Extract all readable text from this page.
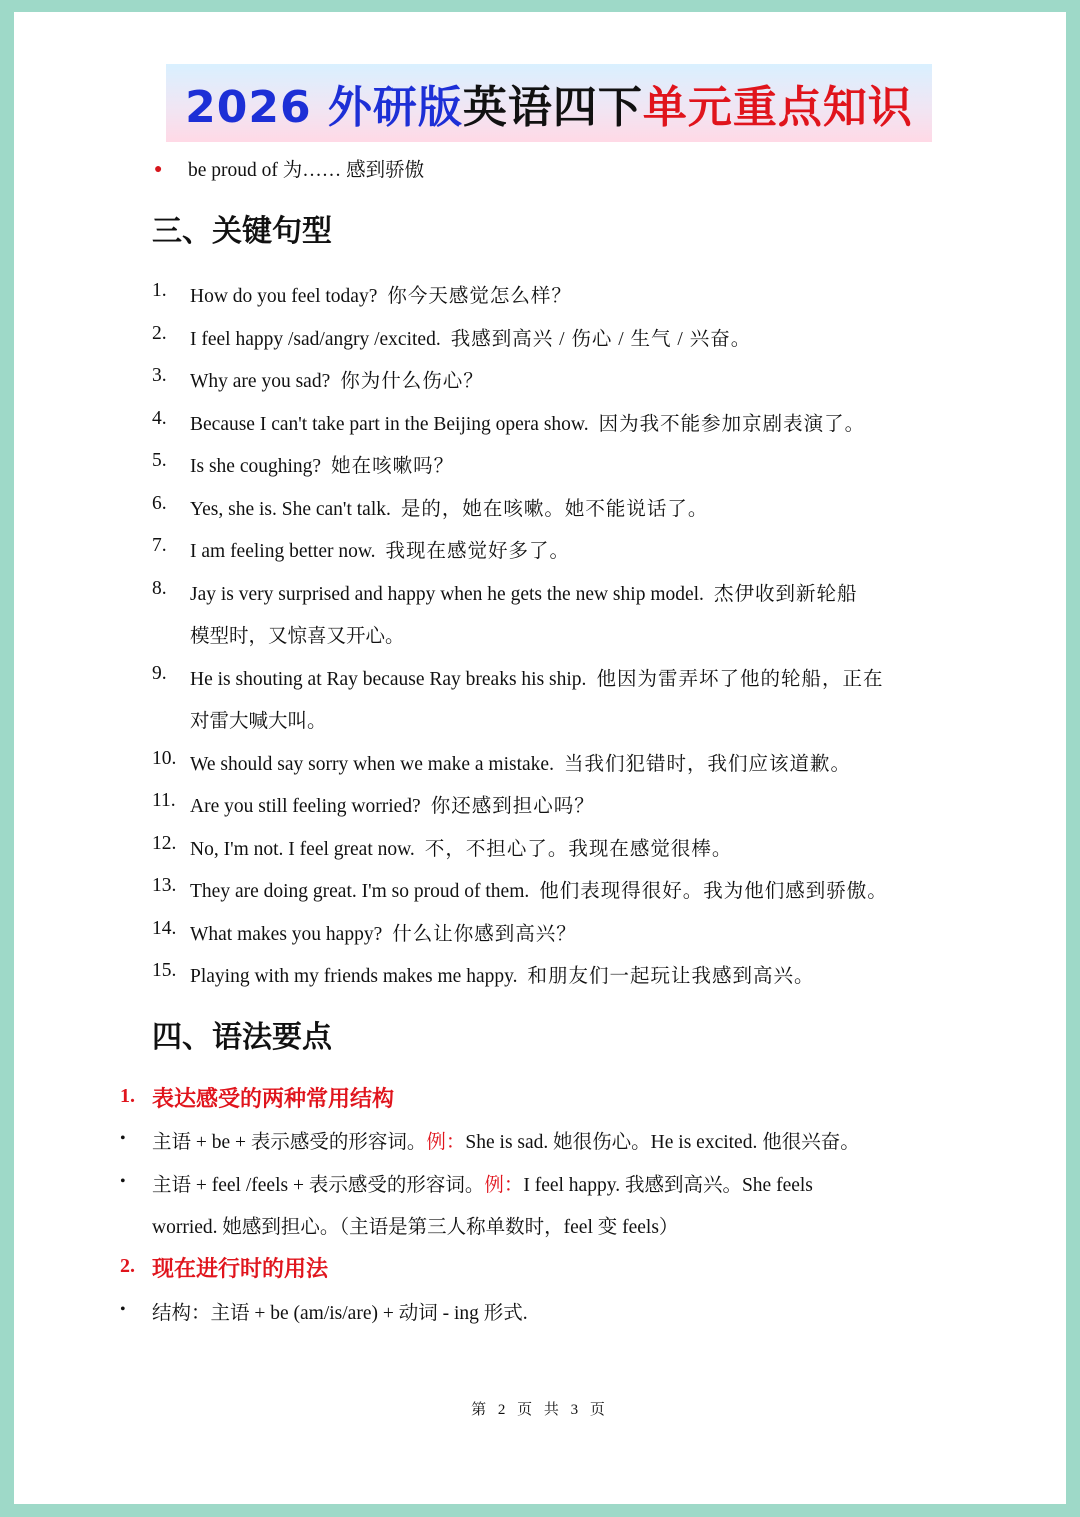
2026 外研版英语四下单元重点知识
● be proud of 为…… 感到骄傲
三、关键句型
1. How do you feel today? 你今天感觉怎么样？
2. I feel happy /sad/angry /excited. 我感到高兴 / 伤心 / 生气 / 兴奋。
3. Why are you sad? 你为什么伤心？
4. Because I can't take part in the Beijing opera show. 因为我不能参加京剧表演了。
5. Is she coughing? 她在咳嗽吗？
6. Yes, she is. She can't talk. 是的，她在咳嗽。她不能说话了。
7. I am feeling better now. 我现在感觉好多了。
8. Jay is very surprised and happy when he gets the new ship model. 杰伊收到新轮船
模型时，又惊喜又开心。
9. He is shouting at Ray because Ray breaks his ship. 他因为雷弄坏了他的轮船，正在
对雷大喊大叫。
10. We should say sorry when we make a mistake. 当我们犯错时，我们应该道歉。
11. Are you still feeling worried? 你还感到担心吗？
12. No, I'm not. I feel great now. 不，不担心了。我现在感觉很棒。
13. They are doing great. I'm so proud of them. 他们表现得很好。我为他们感到骄傲。
14. What makes you happy? 什么让你感到高兴？
15. Playing with my friends makes me happy. 和朋友们一起玩让我感到高兴。
四、语法要点
1. 表达感受的两种常用结构
• 主语 + be + 表示感受的形容词。例：She is sad. 她很伤心。He is excited. 他很兴奋。
• 主语 + feel /feels + 表示感受的形容词。例：I feel happy. 我感到高兴。She feels
worried. 她感到担心。（主语是第三人称单数时，feel 变 feels）
2. 现在进行时的用法
• 结构：主语 + be (am/is/are) + 动词 - ing 形式.
第 2 页 共 3 页
